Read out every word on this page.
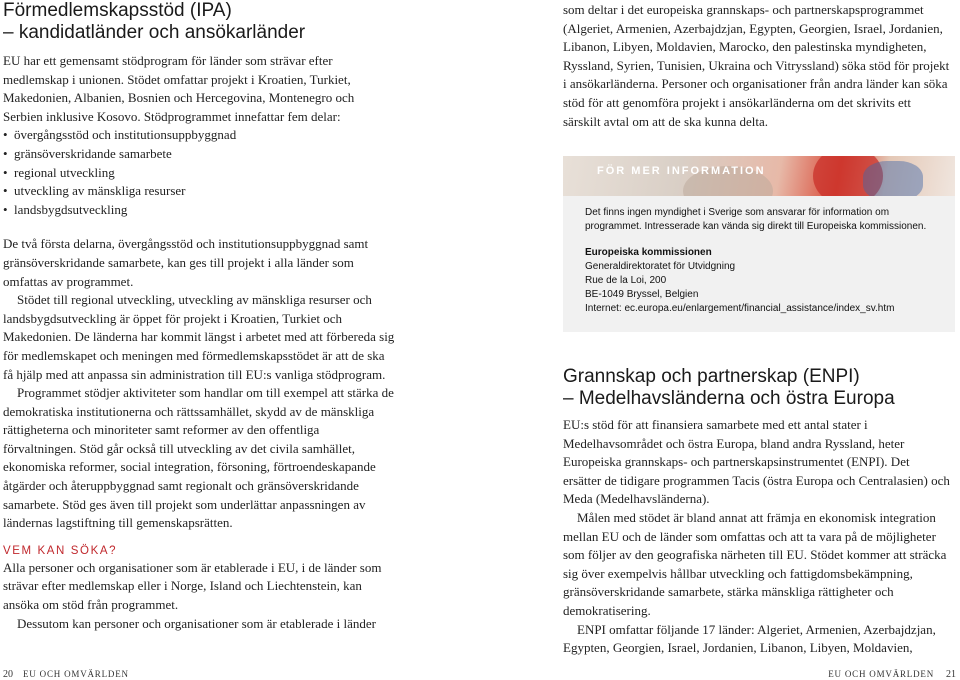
Förmedlemskapsstöd (IPA)
– kandidatländer och ansökarländer

EU har ett gemensamt stödprogram för länder som strävar efter medlemskap i unionen. Stödet omfattar projekt i Kroatien, Turkiet, Makedonien, Albanien, Bosnien och Hercegovina, Montenegro och Serbien inklusive Kosovo. Stödprogrammet innefattar fem delar:

• övergångsstöd och institutionsuppbyggnad
• gränsöverskridande samarbete
• regional utveckling
• utveckling av mänskliga resurser
• landsbygdsutveckling

De två första delarna, övergångsstöd och institutionsuppbyggnad samt gränsöverskridande samarbete, kan ges till projekt i alla länder som omfattas av programmet.

Stödet till regional utveckling, utveckling av mänskliga resurser och landsbygdsutveckling är öppet för projekt i Kroatien, Turkiet och Makedonien. De länderna har kommit längst i arbetet med att förbereda sig för medlemskapet och meningen med förmedlemskapsstödet är att de ska få hjälp med att anpassa sin administration till EU:s vanliga stödprogram.

Programmet stödjer aktiviteter som handlar om till exempel att stärka de demokratiska institutionerna och rättssamhället, skydd av de mänskliga rättigheterna och minoriteter samt reformer av den offentliga förvaltningen. Stöd går också till utveckling av det civila samhället, ekonomiska reformer, social integration, försoning, förtroendeskapande åtgärder och återuppbyggnad samt regionalt och gränsöverskridande samarbete. Stöd ges även till projekt som underlättar anpassningen av ländernas lagstiftning till gemenskapsrätten.

VEM KAN SÖKA?

Alla personer och organisationer som är etablerade i EU, i de länder som strävar efter medlemskap eller i Norge, Island och Liechtenstein, kan ansöka om stöd från programmet.

Dessutom kan personer och organisationer som är etablerade i länder

20 EU OCH OMVÄRLDEN

som deltar i det europeiska grannskaps- och partnerskapsprogrammet (Algeriet, Armenien, Azerbajdzjan, Egypten, Georgien, Israel, Jordanien, Libanon, Libyen, Moldavien, Marocko, den palestinska myndigheten, Ryssland, Syrien, Tunisien, Ukraina och Vitryssland) söka stöd för projekt i ansökarländerna. Personer och organisationer från andra länder kan söka stöd för att genomföra projekt i ansökarländerna om det skrivits ett särskilt avtal om att de ska kunna delta.

FÖR MER INFORMATION

Det finns ingen myndighet i Sverige som ansvarar för information om programmet. Intresserade kan vända sig direkt till Europeiska kommissionen.

Europeiska kommissionen

Generaldirektoratet för Utvidgning

Rue de la Loi, 200

BE-1049 Bryssel, Belgien

Internet: ec.europa.eu/enlargement/financial_assistance/index_sv.htm

Grannskap och partnerskap (ENPI)
– Medelhavsländerna och östra Europa

EU:s stöd för att finansiera samarbete med ett antal stater i Medelhavsområdet och östra Europa, bland andra Ryssland, heter Europeiska grannskaps- och partnerskapsinstrumentet (ENPI). Det ersätter de tidigare programmen Tacis (östra Europa och Centralasien) och Meda (Medelhavsländerna).

Målen med stödet är bland annat att främja en ekonomisk integration mellan EU och de länder som omfattas och att ta vara på de möjligheter som följer av den geografiska närheten till EU. Stödet kommer att sträcka sig över exempelvis hållbar utveckling och fattigdomsbekämpning, gränsöverskridande samarbete, stärka mänskliga rättigheter och demokratisering.

ENPI omfattar följande 17 länder: Algeriet, Armenien, Azerbajdzjan, Egypten, Georgien, Israel, Jordanien, Libanon, Libyen, Moldavien,

EU OCH OMVÄRLDEN 21
